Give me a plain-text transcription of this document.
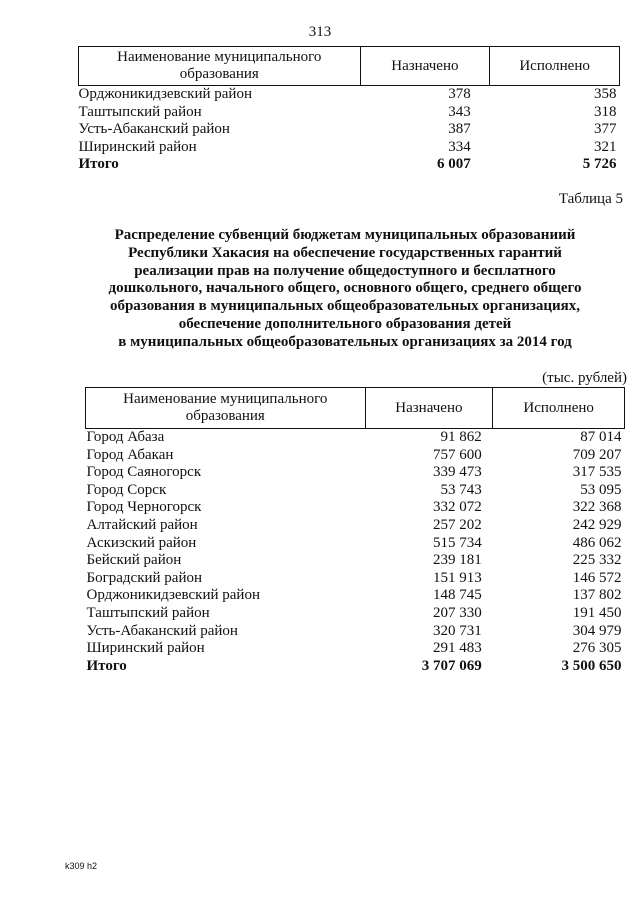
313
Наименование муниципального образования	Назначено	Исполнено
Орджоникидзевский район	378	358
Таштыпский район	343	318
Усть-Абаканский район	387	377
Ширинский район	334	321
Итого	6 007	5 726
Таблица 5
Распределение субвенций бюджетам муниципальных образованиий
Республики Хакасия на обеспечение государственных гарантий
реализации прав на получение общедоступного и бесплатного
дошкольного, начального общего, основного общего, среднего общего
образования в муниципальных общеобразовательных организациях,
обеспечение дополнительного образования детей
в муниципальных общеобразовательных организациях за 2014 год
(тыс. рублей)
Наименование муниципального образования	Назначено	Исполнено
Город Абаза	91 862	87 014
Город Абакан	757 600	709 207
Город Саяногорск	339 473	317 535
Город Сорск	53 743	53 095
Город Черногорск	332 072	322 368
Алтайский район	257 202	242 929
Аскизский район	515 734	486 062
Бейский район	239 181	225 332
Боградский район	151 913	146 572
Орджоникидзевский район	148 745	137 802
Таштыпский район	207 330	191 450
Усть-Абаканский район	320 731	304 979
Ширинский район	291 483	276 305
Итого	3 707 069	3 500 650
k309 h2
